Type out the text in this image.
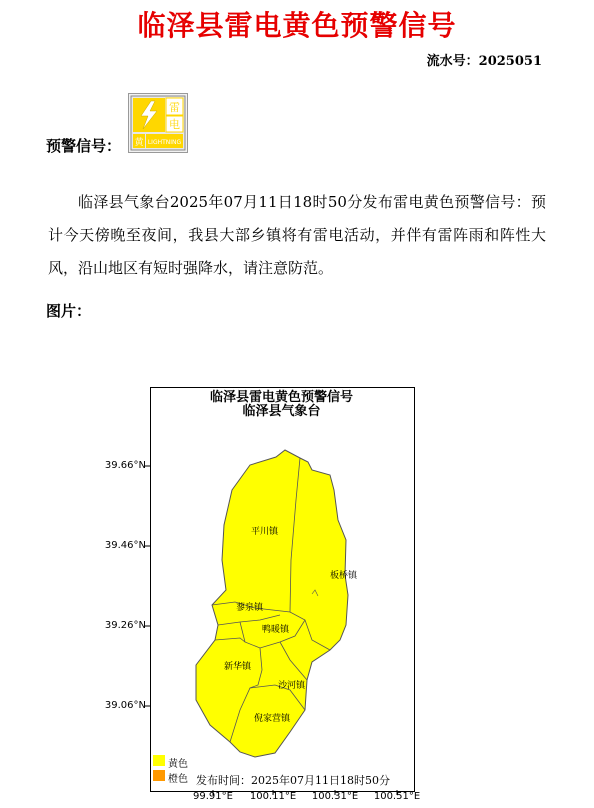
临泽县雷电黄色预警信号
流水号：2025051
预警信号：
雷
电
黄 LIGHTNING
临泽县气象台2025年07月11日18时50分发布雷电黄色预警信号：预计今天傍晚至夜间，我县大部乡镇将有雷电活动，并伴有雷阵雨和阵性大风，沿山地区有短时强降水，请注意防范。
图片：
临泽县雷电黄色预警信号
临泽县气象台
39.66°N
39.46°N
39.26°N
39.06°N
99.91°E	100.11°E	100.31°E	100.51°E
平川镇
板桥镇
蓼泉镇
鸭暖镇
新华镇
沙河镇
倪家营镇
黄色
橙色 发布时间：2025年07月11日18时50分
